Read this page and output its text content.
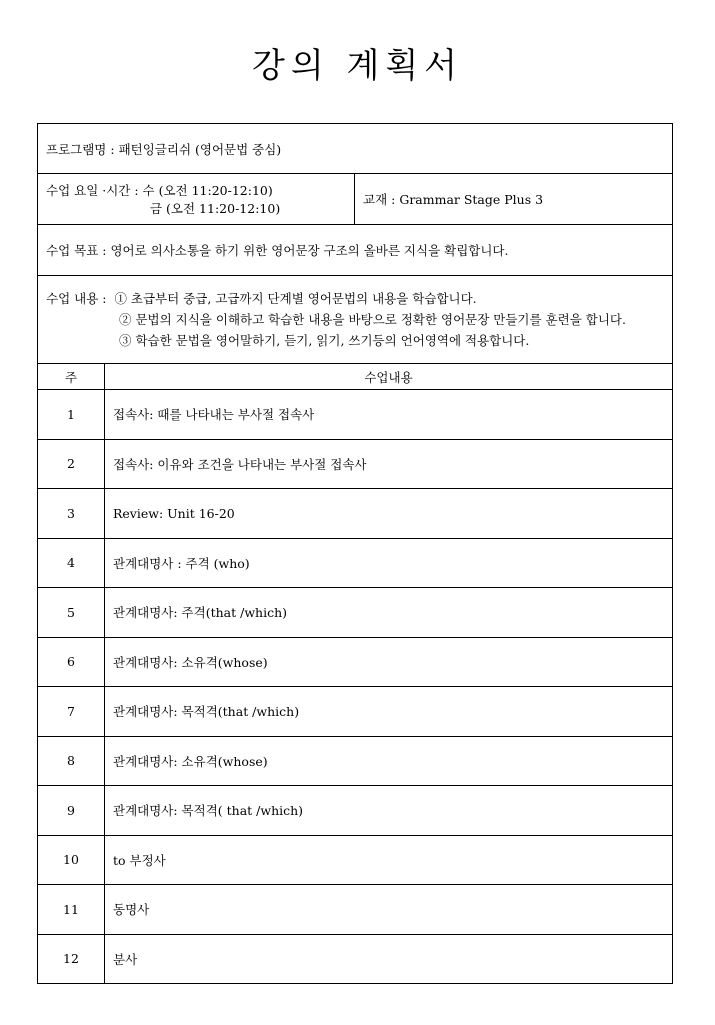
강의 계획서
프로그램명 : 패턴잉글리쉬 (영어문법 중심)		

수업 요일 ·시간 : 수 (오전 11:20-12:10)
금 (오전 11:20-12:10)		교재 : Grammar Stage Plus 3
수업 목표 : 영어로 의사소통을 하기 위한 영어문장 구조의 올바른 지식을 확립합니다.		

수업 내용 :  ① 초급부터 중급, 고급까지 단계별 영어문법의 내용을 학습합니다.
② 문법의 지식을 이해하고 학습한 내용을 바탕으로 정확한 영어문장 만들기를 훈련을 합니다.
③ 학습한 문법을 영어말하기, 듣기, 읽기, 쓰기등의 언어영역에 적용합니다.		

주	수업내용	
1	접속사: 때를 나타내는 부사절 접속사	
2	접속사: 이유와 조건을 나타내는 부사절 접속사	
3	Review: Unit 16-20	
4	관계대명사 : 주격 (who)	
5	관계대명사: 주격(that /which)	
6	관계대명사: 소유격(whose)	
7	관계대명사: 목적격(that /which)	
8	관계대명사: 소유격(whose)	
9	관계대명사: 목적격( that /which)	
10	to 부정사	
11	동명사	
12	분사	
